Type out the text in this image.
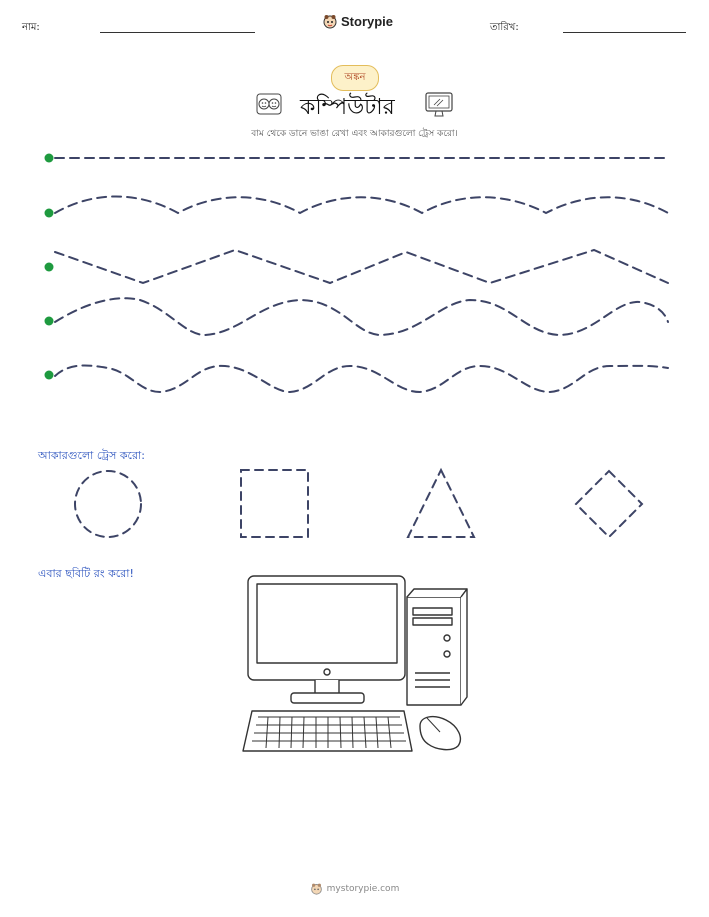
নাম:	Storypie	তারিখ:
অঙ্কন
কম্পিউটার
বাম থেকে ডানে ভাঙা রেখা এবং আকারগুলো ট্রেস করো।
আকারগুলো ট্রেস করো:
এবার ছবিটি রং করো!
mystorypie.com
